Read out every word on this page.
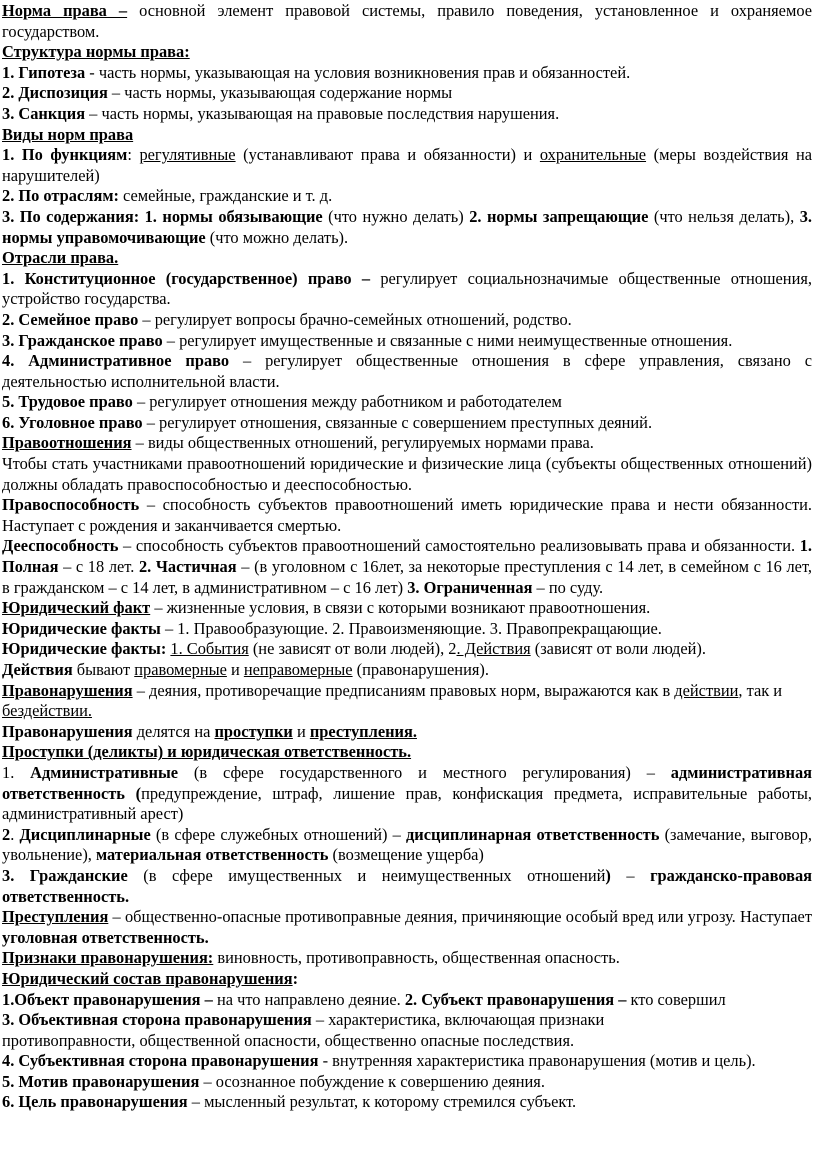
Норма права – основной элемент правовой системы, правило поведения, установленное и охраняемое государством.

Структура нормы права:

1. Гипотеза - часть нормы, указывающая на условия возникновения прав и обязанностей.

2. Диспозиция – часть нормы, указывающая содержание нормы

3. Санкция – часть нормы, указывающая на правовые последствия нарушения.

Виды норм права

1. По функциям: регулятивные (устанавливают права и обязанности) и охранительные (меры воздействия на нарушителей)

2. По отраслям: семейные, гражданские и т. д.

3. По содержания: 1. нормы обязывающие (что нужно делать) 2. нормы запрещающие (что нельзя делать), 3. нормы управомочивающие (что можно делать).

Отрасли права.

1. Конституционное (государственное) право – регулирует социальнозначимые общественные отношения, устройство государства.

2. Семейное право – регулирует вопросы брачно-семейных отношений, родство.

3. Гражданское право – регулирует имущественные и связанные с ними неимущественные отношения.

4. Административное право – регулирует общественные отношения в сфере управления, связано с деятельностью исполнительной власти.

5. Трудовое право – регулирует отношения между работником и работодателем

6. Уголовное право – регулирует отношения, связанные с совершением преступных деяний.

Правоотношения – виды общественных отношений, регулируемых нормами права.

Чтобы стать участниками правоотношений юридические и физические лица (субъекты общественных отношений) должны обладать правоспособностью и дееспособностью.

Правоспособность – способность субъектов правоотношений иметь юридические права и нести обязанности. Наступает с рождения и заканчивается смертью.

Дееспособность – способность субъектов правоотношений самостоятельно реализовывать права и обязанности. 1. Полная – с 18 лет. 2. Частичная – (в уголовном с 16лет, за некоторые преступления с 14 лет, в семейном с 16 лет, в гражданском – с 14 лет, в административном – с 16 лет) 3. Ограниченная – по суду.

Юридический факт – жизненные условия, в связи с которыми возникают правоотношения.

Юридические факты – 1. Правообразующие. 2. Правоизменяющие. 3. Правопрекращающие.

Юридические факты: 1. События (не зависят от воли людей), 2. Действия (зависят от воли людей).

Действия бывают правомерные и неправомерные (правонарушения).

Правонарушения – деяния, противоречащие предписаниям правовых норм, выражаются как в действии, так и бездействии.

Правонарушения делятся на проступки и преступления.

Проступки (деликты) и юридическая ответственность.

1. Административные (в сфере государственного и местного регулирования) – административная ответственность (предупреждение, штраф, лишение прав, конфискация предмета, исправительные работы, административный арест)

2. Дисциплинарные (в сфере служебных отношений) – дисциплинарная ответственность (замечание, выговор, увольнение), материальная ответственность (возмещение ущерба)

3. Гражданские (в сфере имущественных и неимущественных отношений) – гражданско-правовая ответственность.

Преступления – общественно-опасные противоправные деяния, причиняющие особый вред или угрозу. Наступает уголовная ответственность.

Признаки правонарушения: виновность, противоправность, общественная опасность.

Юридический состав правонарушения:

1.Объект правонарушения – на что направлено деяние. 2. Субъект правонарушения – кто совершил

3. Объективная сторона правонарушения – характеристика, включающая признаки

противоправности, общественной опасности, общественно опасные последствия.

4. Субъективная сторона правонарушения - внутренняя характеристика правонарушения (мотив и цель).

5. Мотив правонарушения – осознанное побуждение к совершению деяния.

6. Цель правонарушения – мысленный результат, к которому стремился субъект.
